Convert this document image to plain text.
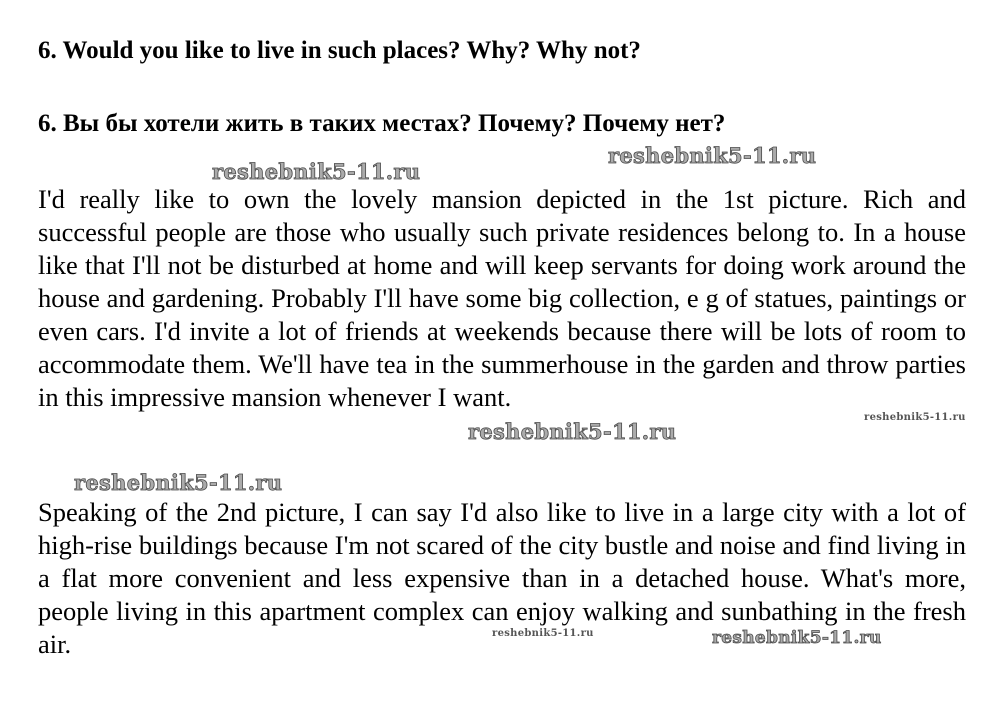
6. Would you like to live in such places? Why? Why not?
6. Вы бы хотели жить в таких местах? Почему? Почему нет?

I'd really like to own the lovely mansion depicted in the 1st picture. Rich and successful people are those who usually such private residences belong to. In a house like that I'll not be disturbed at home and will keep servants for doing work around the house and gardening. Probably I'll have some big collection, e g of statues, paintings or even cars. I'd invite a lot of friends at weekends because there will be lots of room to accommodate them. We'll have tea in the summerhouse in the garden and throw parties in this impressive mansion whenever I want.

Speaking of the 2nd picture, I can say I'd also like to live in a large city with a lot of high-rise buildings because I'm not scared of the city bustle and noise and find living in a flat more convenient and less expensive than in a detached house. What's more, people living in this apartment complex can enjoy walking and sunbathing in the fresh air.

reshebnik5-11.ru
reshebnik5-11.ru
reshebnik5-11.ru
reshebnik5-11.ru
reshebnik5-11.ru
reshebnik5-11.ru	reshebnik5-11.ru
